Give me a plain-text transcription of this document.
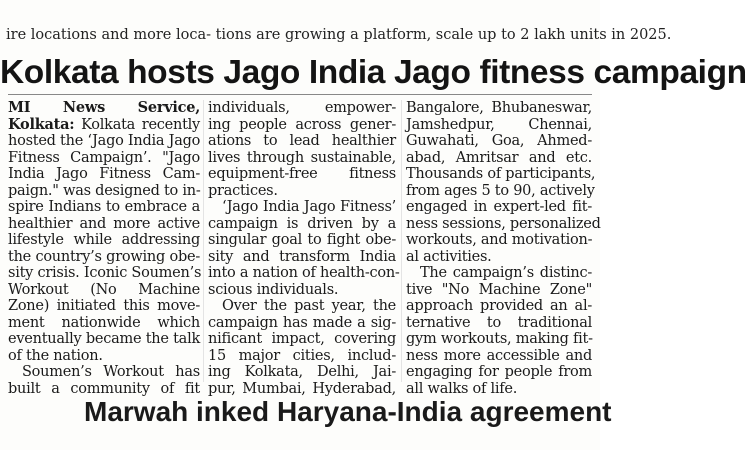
ire locations and more loca- tions are growing a platform, scale up to 2 lakh units in 2025.
Kolkata hosts Jago India Jago fitness campaign
MI News Service,
Kolkata: Kolkata recently
hosted the ‘Jago India Jago
Fitness Campaign’. "Jago
India Jago Fitness Cam-
paign." was designed to in-
spire Indians to embrace a
healthier and more active
lifestyle while addressing
the country’s growing obe-
sity crisis. Iconic Soumen’s
Workout (No Machine
Zone) initiated this move-
ment nationwide which
eventually became the talk
of the nation.
Soumen’s Workout has
built a community of fit
individuals, empower-
ing people across gener-
ations to lead healthier
lives through sustainable,
equipment-free fitness
practices.
‘Jago India Jago Fitness’
campaign is driven by a
singular goal to fight obe-
sity and transform India
into a nation of health-con-
scious individuals.
Over the past year, the
campaign has made a sig-
nificant impact, covering
15 major cities, includ-
ing Kolkata, Delhi, Jai-
pur, Mumbai, Hyderabad,
Bangalore, Bhubaneswar,
Jamshedpur, Chennai,
Guwahati, Goa, Ahmed-
abad, Amritsar and etc.
Thousands of participants,
from ages 5 to 90, actively
engaged in expert-led fit-
ness sessions, personalized
workouts, and motivation-
al activities.
The campaign’s distinc-
tive "No Machine Zone"
approach provided an al-
ternative to traditional
gym workouts, making fit-
ness more accessible and
engaging for people from
all walks of life.
Marwah inked Haryana-India agreement
